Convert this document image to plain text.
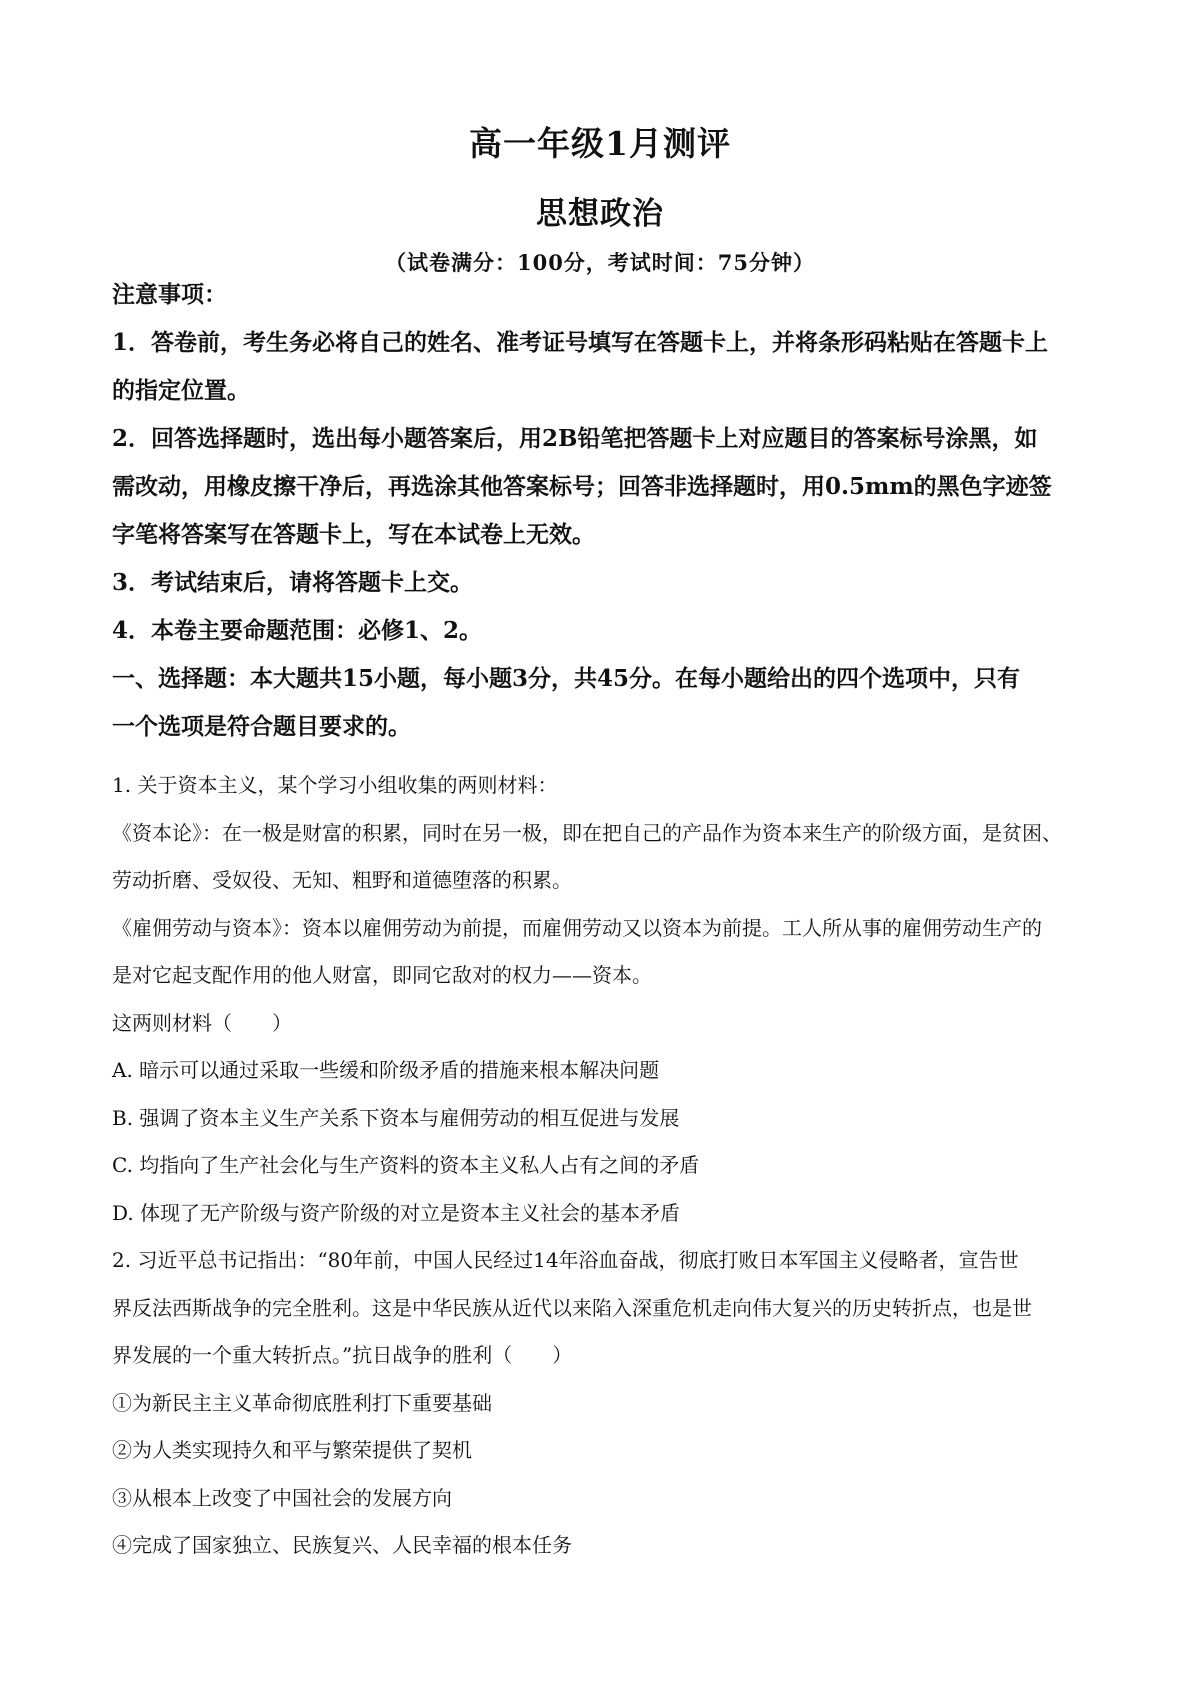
高一年级1月测评
思想政治
（试卷满分：100分，考试时间：75分钟）
注意事项：
1．答卷前，考生务必将自己的姓名、准考证号填写在答题卡上，并将条形码粘贴在答题卡上
的指定位置。
2．回答选择题时，选出每小题答案后，用2B铅笔把答题卡上对应题目的答案标号涂黑，如
需改动，用橡皮擦干净后，再选涂其他答案标号；回答非选择题时，用0.5mm的黑色字迹签
字笔将答案写在答题卡上，写在本试卷上无效。
3．考试结束后，请将答题卡上交。
4．本卷主要命题范围：必修1、2。
一、选择题：本大题共15小题，每小题3分，共45分。在每小题给出的四个选项中，只有
一个选项是符合题目要求的。
1. 关于资本主义，某个学习小组收集的两则材料：
《资本论》：在一极是财富的积累，同时在另一极，即在把自己的产品作为资本来生产的阶级方面，是贫困、
劳动折磨、受奴役、无知、粗野和道德堕落的积累。
《雇佣劳动与资本》：资本以雇佣劳动为前提，而雇佣劳动又以资本为前提。工人所从事的雇佣劳动生产的
是对它起支配作用的他人财富，即同它敌对的权力——资本。
这两则材料（　　）
A. 暗示可以通过采取一些缓和阶级矛盾的措施来根本解决问题
B. 强调了资本主义生产关系下资本与雇佣劳动的相互促进与发展
C. 均指向了生产社会化与生产资料的资本主义私人占有之间的矛盾
D. 体现了无产阶级与资产阶级的对立是资本主义社会的基本矛盾
2. 习近平总书记指出：“80年前，中国人民经过14年浴血奋战，彻底打败日本军国主义侵略者，宣告世
界反法西斯战争的完全胜利。这是中华民族从近代以来陷入深重危机走向伟大复兴的历史转折点，也是世
界发展的一个重大转折点。”抗日战争的胜利（　　）
①为新民主主义革命彻底胜利打下重要基础
②为人类实现持久和平与繁荣提供了契机
③从根本上改变了中国社会的发展方向
④完成了国家独立、民族复兴、人民幸福的根本任务
